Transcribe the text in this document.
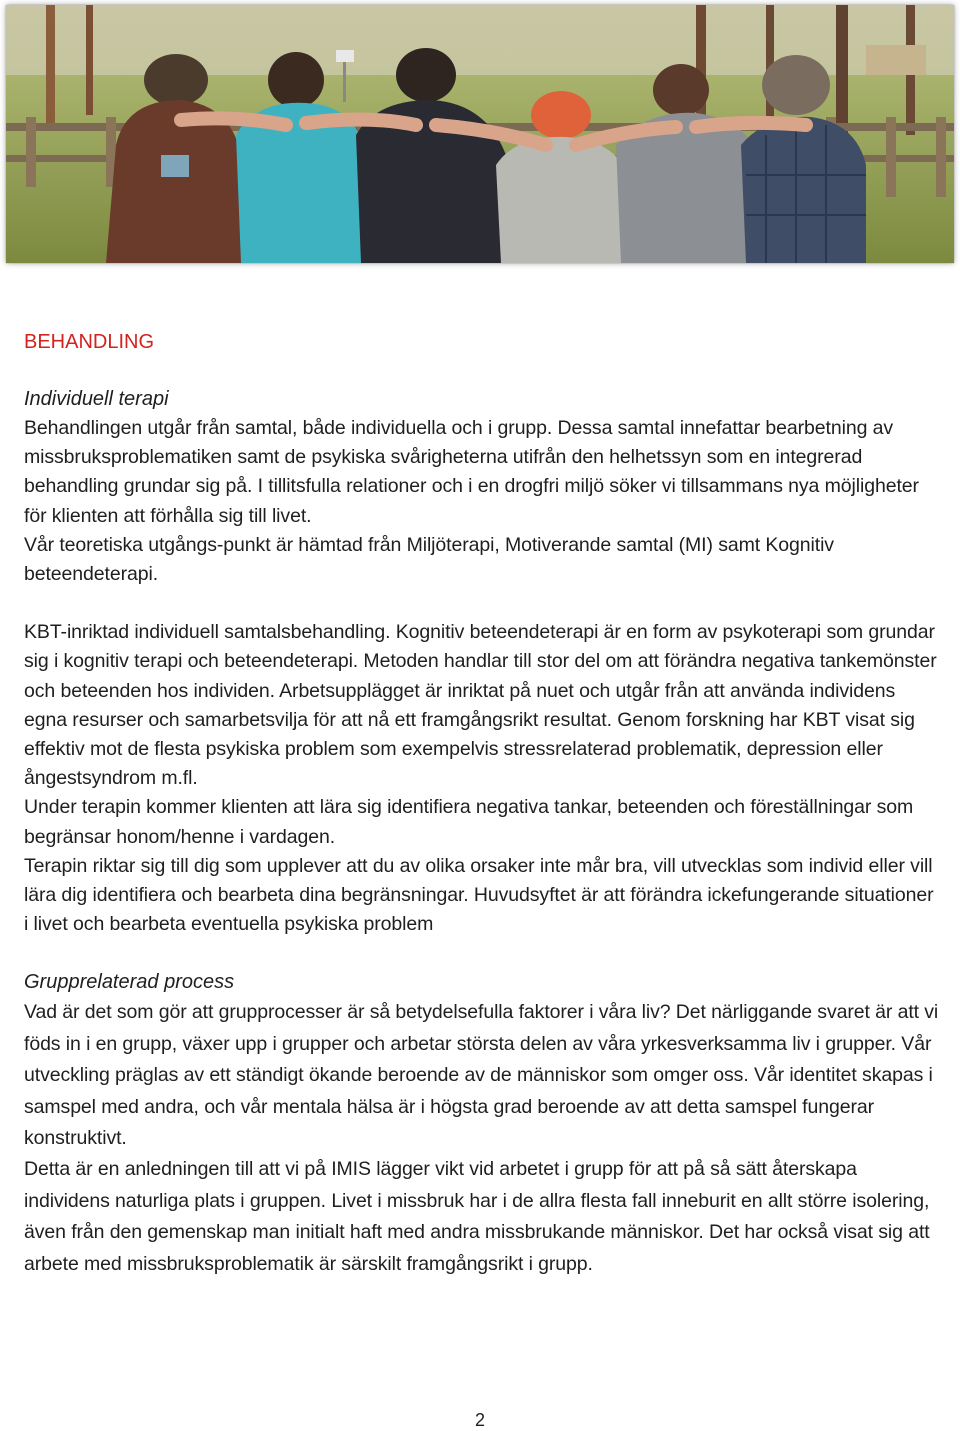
BEHANDLING
Individuell terapi

Behandlingen utgår från samtal, både individuella och i grupp. Dessa samtal innefattar bearbetning av missbruksproblematiken samt de psykiska svårigheterna utifrån den helhetssyn som en integrerad behandling grundar sig på. I tillitsfulla relationer och i en drogfri miljö söker vi tillsammans nya möjligheter för klienten att förhålla sig till livet.

Vår teoretiska utgångs-punkt är hämtad från Miljöterapi, Motiverande samtal (MI) samt Kognitiv beteendeterapi.

KBT-inriktad individuell samtalsbehandling. Kognitiv beteendeterapi är en form av psykoterapi som grundar sig i kognitiv terapi och beteendeterapi. Metoden handlar till stor del om att förändra negativa tankemönster och beteenden hos individen. Arbetsupplägget är inriktat på nuet och utgår från att använda individens egna resurser och samarbetsvilja för att nå ett framgångsrikt resultat. Genom forskning har KBT visat sig effektiv mot de flesta psykiska problem som exempelvis stressrelaterad problematik, depression eller ångestsyndrom m.fl.

Under terapin kommer klienten att lära sig identifiera negativa tankar, beteenden och föreställningar som begränsar honom/henne i vardagen.

Terapin riktar sig till dig som upplever att du av olika orsaker inte mår bra, vill utvecklas som individ eller vill lära dig identifiera och bearbeta dina begränsningar. Huvudsyftet är att förändra ickefungerande situationer i livet och bearbeta eventuella psykiska problem

Grupprelaterad process

Vad är det som gör att grupprocesser är så betydelsefulla faktorer i våra liv? Det närliggande svaret är att vi föds in i en grupp, växer upp i grupper och arbetar största delen av våra yrkesverksamma liv i grupper. Vår utveckling präglas av ett ständigt ökande beroende av de människor som omger oss. Vår identitet skapas i samspel med andra, och vår mentala hälsa är i högsta grad beroende av att detta samspel fungerar konstruktivt.

Detta är en anledningen till att vi på IMIS lägger vikt vid arbetet i grupp för att på så sätt återskapa individens naturliga plats i gruppen. Livet i missbruk har i de allra flesta fall inneburit en allt större isolering, även från den gemenskap man initialt haft med andra missbrukande människor. Det har också visat sig att arbete med missbruksproblematik är särskilt framgångsrikt i grupp.

2
